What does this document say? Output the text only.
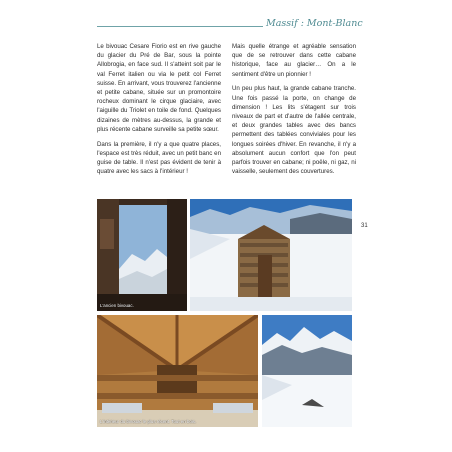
Massif : Mont-Blanc

Le bivouac Cesare Fiorio est en rive gauche du glacier du Pré de Bar, sous la pointe Allobrogia, en face sud. Il s'atteint soit par le val Ferret italien ou via le petit col Ferret suisse. En arrivant, vous trouverez l'ancienne et petite cabane, située sur un promontoire rocheux dominant le cirque glaciaire, avec l'aiguille du Triolet en toile de fond. Quelques dizaines de mètres au-dessus, la grande et plus récente cabane surveille sa petite sœur.

Dans la première, il n'y a que quatre places, l'espace est très réduit, avec un petit banc en guise de table. Il n'est pas évident de tenir à quatre avec les sacs à l'intérieur !

Mais quelle étrange et agréable sensation que de se retrouver dans cette cabane historique, face au glacier… On a le sentiment d'être un pionnier !

Un peu plus haut, la grande cabane tranche. Une fois passé la porte, on change de dimension ! Les lits s'étagent sur trois niveaux de part et d'autre de l'allée centrale, et deux grandes tables avec des bancs permettent des tablées conviviales pour les longues soirées d'hiver. En revanche, il n'y a absolument aucun confort que l'on peut parfois trouver en cabane; ni poêle, ni gaz, ni vaisselle, seulement des couvertures.

31
L'ancien bivouac.
L'intérieur du bivouac le plus récent. Tout en bois.
